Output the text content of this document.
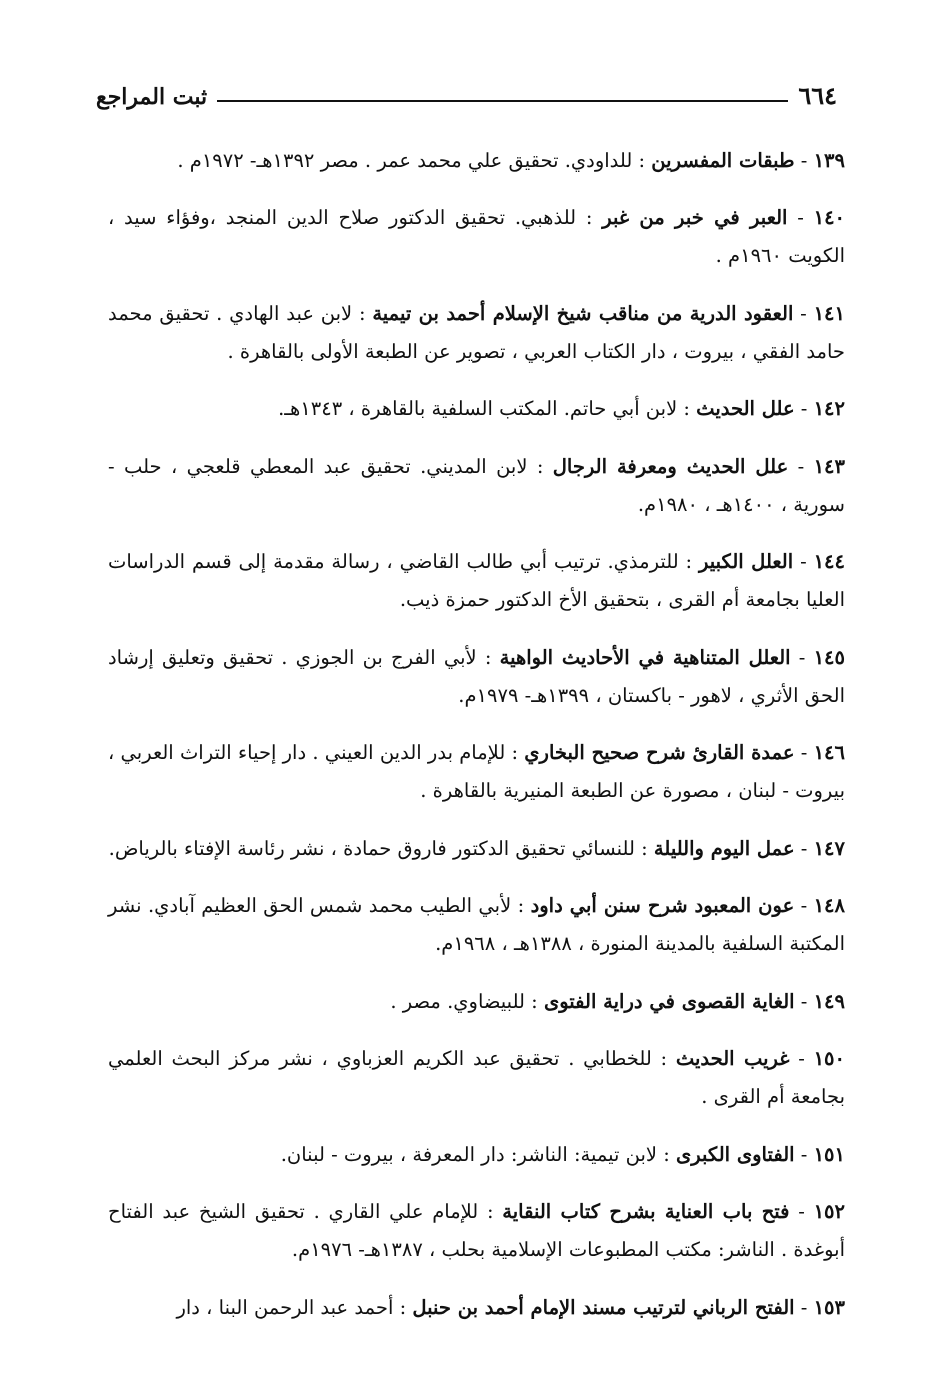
٦٦٤
ثبت المراجع

١٣٩ - طبقات المفسرين : للداودي. تحقيق علي محمد عمر . مصر ١٣٩٢هـ- ١٩٧٢م .

١٤٠ - العبر في خبر من غبر : للذهبي. تحقيق الدكتور صلاح الدين المنجد ،وفؤاء سيد ، الكويت ١٩٦٠م .

١٤١ - العقود الدرية من مناقب شيخ الإسلام أحمد بن تيمية : لابن عبد الهادي . تحقيق محمد حامد الفقي ، بيروت ، دار الكتاب العربي ، تصوير عن الطبعة الأولى بالقاهرة .

١٤٢ - علل الحديث : لابن أبي حاتم. المكتب السلفية بالقاهرة ، ١٣٤٣هـ.

١٤٣ - علل الحديث ومعرفة الرجال : لابن المديني. تحقيق عبد المعطي قلعجي ، حلب - سورية ، ١٤٠٠هـ ، ١٩٨٠م.

١٤٤ - العلل الكبير : للترمذي. ترتيب أبي طالب القاضي ، رسالة مقدمة إلى قسم الدراسات العليا بجامعة أم القرى ، بتحقيق الأخ الدكتور حمزة ذيب.

١٤٥ - العلل المتناهية في الأحاديث الواهية : لأبي الفرج بن الجوزي . تحقيق وتعليق إرشاد الحق الأثري ، لاهور - باكستان ، ١٣٩٩هـ- ١٩٧٩م.

١٤٦ - عمدة القارئ شرح صحيح البخاري : للإمام بدر الدين العيني . دار إحياء التراث العربي ، بيروت - لبنان ، مصورة عن الطبعة المنيرية بالقاهرة .

١٤٧ - عمل اليوم والليلة : للنسائي تحقيق الدكتور فاروق حمادة ، نشر رئاسة الإفتاء بالرياض.

١٤٨ - عون المعبود شرح سنن أبي داود : لأبي الطيب محمد شمس الحق العظيم آبادي. نشر المكتبة السلفية بالمدينة المنورة ، ١٣٨٨هـ ، ١٩٦٨م.

١٤٩ - الغاية القصوى في دراية الفتوى : للبيضاوي. مصر .

١٥٠ - غريب الحديث : للخطابي . تحقيق عبد الكريم العزباوي ، نشر مركز البحث العلمي بجامعة أم القرى .

١٥١ - الفتاوى الكبرى : لابن تيمية: الناشر: دار المعرفة ، بيروت - لبنان.

١٥٢ - فتح باب العناية بشرح كتاب النقاية : للإمام علي القاري . تحقيق الشيخ عبد الفتاح أبوغدة . الناشر: مكتب المطبوعات الإسلامية بحلب ، ١٣٨٧هـ- ١٩٧٦م.

١٥٣ - الفتح الرباني لترتيب مسند الإمام أحمد بن حنبل : أحمد عبد الرحمن البنا ، دار
